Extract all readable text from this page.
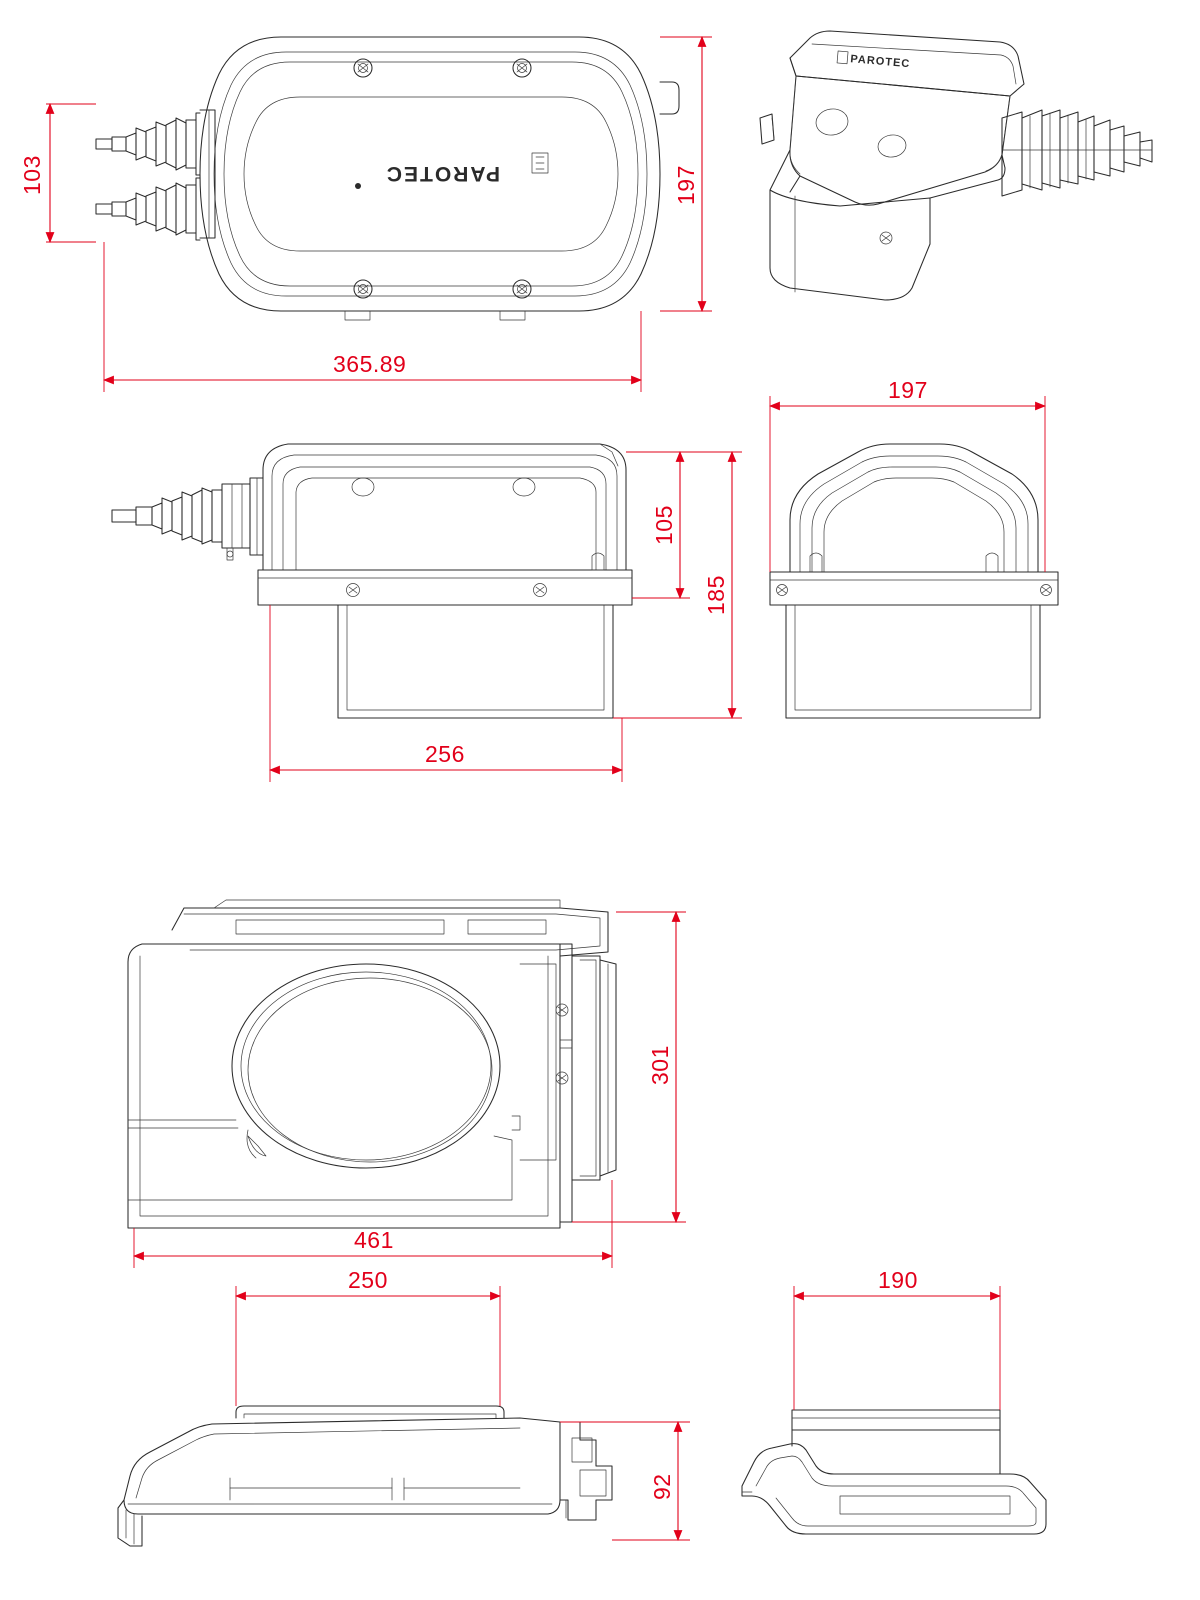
PAROTEC
103	197
365.89
PAROTEC
105
185
256
197
301
461
250
92
190
